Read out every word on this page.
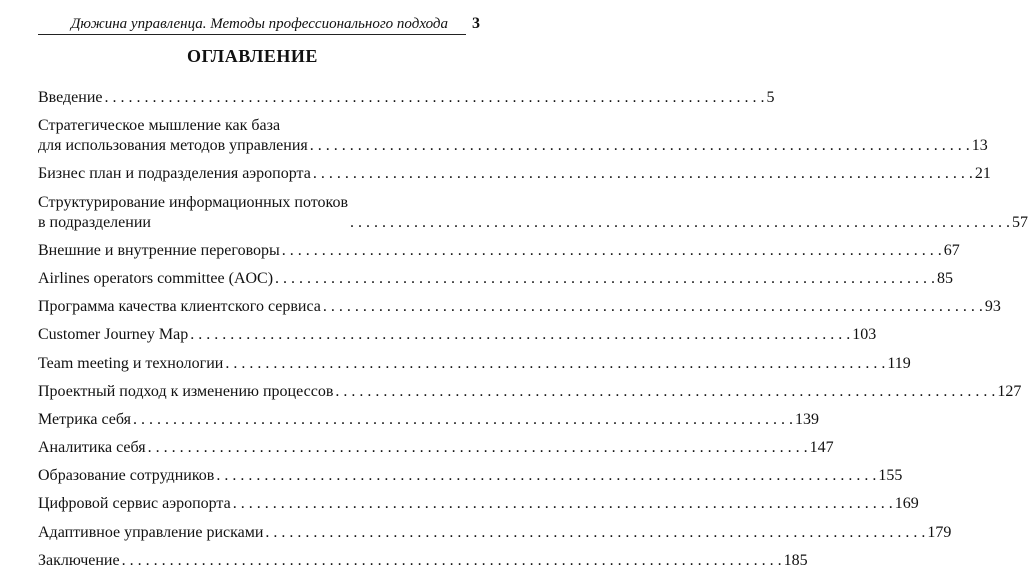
Дюжина управленца. Методы профессионального подхода	3
ОГЛАВЛЕНИЕ
Введение . . .	5
Стратегическое мышление как база
для использования методов управления . . .	13
Бизнес план и подразделения аэропорта . . .	21
Структурирование информационных потоков
в подразделении . . .	57
Внешние и внутренние переговоры . . .	67
Airlines operators committee (AOC) . . .	85
Программа качества клиентского сервиса . . .	93
Customer Journey Map . . .	103
Team meeting и технологии . . .	119
Проектный подход к изменению процессов . . .	127
Метрика себя . . .	139
Аналитика себя . . .	147
Образование сотрудников . . .	155
Цифровой сервис аэропорта . . .	169
Адаптивное управление рисками . . .	179
Заключение . . .	185
